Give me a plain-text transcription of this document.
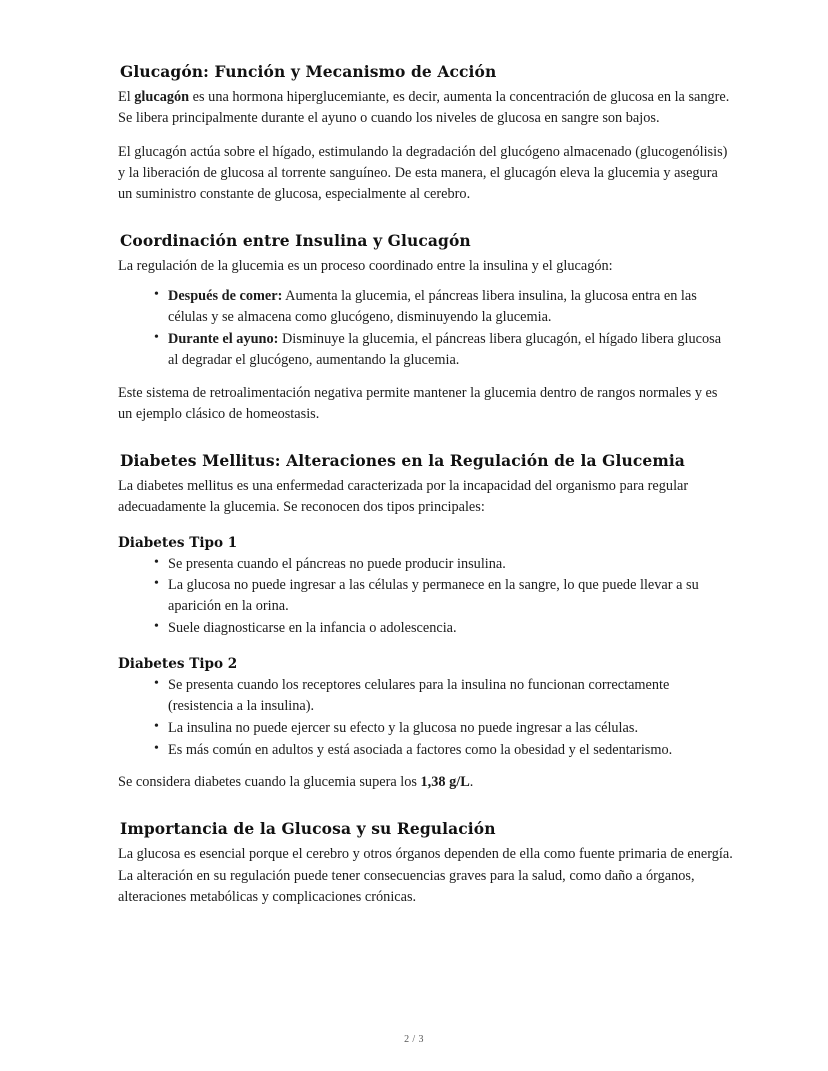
Glucagón: Función y Mecanismo de Acción

El glucagón es una hormona hiperglucemiante, es decir, aumenta la concentración de glucosa en la sangre. Se libera principalmente durante el ayuno o cuando los niveles de glucosa en sangre son bajos.

El glucagón actúa sobre el hígado, estimulando la degradación del glucógeno almacenado (glucogenólisis) y la liberación de glucosa al torrente sanguíneo. De esta manera, el glucagón eleva la glucemia y asegura un suministro constante de glucosa, especialmente al cerebro.

Coordinación entre Insulina y Glucagón

La regulación de la glucemia es un proceso coordinado entre la insulina y el glucagón:

• Después de comer: Aumenta la glucemia, el páncreas libera insulina, la glucosa entra en las células y se almacena como glucógeno, disminuyendo la glucemia.
• Durante el ayuno: Disminuye la glucemia, el páncreas libera glucagón, el hígado libera glucosa al degradar el glucógeno, aumentando la glucemia.

Este sistema de retroalimentación negativa permite mantener la glucemia dentro de rangos normales y es un ejemplo clásico de homeostasis.

Diabetes Mellitus: Alteraciones en la Regulación de la Glucemia

La diabetes mellitus es una enfermedad caracterizada por la incapacidad del organismo para regular adecuadamente la glucemia. Se reconocen dos tipos principales:

Diabetes Tipo 1
• Se presenta cuando el páncreas no puede producir insulina.
• La glucosa no puede ingresar a las células y permanece en la sangre, lo que puede llevar a su aparición en la orina.
• Suele diagnosticarse en la infancia o adolescencia.
Diabetes Tipo 2
• Se presenta cuando los receptores celulares para la insulina no funcionan correctamente (resistencia a la insulina).
• La insulina no puede ejercer su efecto y la glucosa no puede ingresar a las células.
• Es más común en adultos y está asociada a factores como la obesidad y el sedentarismo.

Se considera diabetes cuando la glucemia supera los 1,38 g/L.

Importancia de la Glucosa y su Regulación

La glucosa es esencial porque el cerebro y otros órganos dependen de ella como fuente primaria de energía. La alteración en su regulación puede tener consecuencias graves para la salud, como daño a órganos, alteraciones metabólicas y complicaciones crónicas.

2 / 3
